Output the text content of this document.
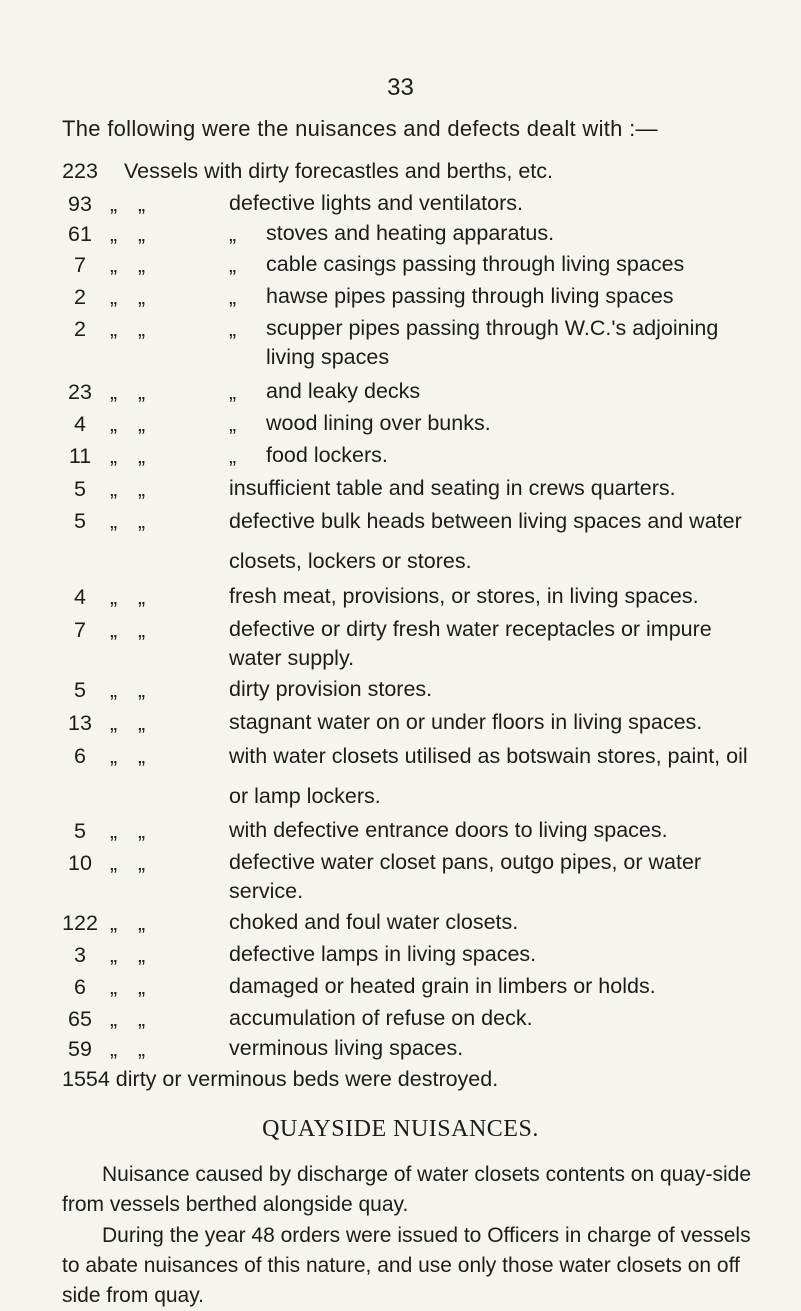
33
The following were the nuisances and defects dealt with :—
223 Vessels with dirty forecastles and berths, etc.
93 „ „	defective lights and ventilators.
61 „ „	„ stoves and heating apparatus.
7	„ „	„ cable casings passing through living spaces
2	„ „	„ hawse pipes passing through living spaces
2	„ „	„ scupper pipes passing through W.C.'s adjoining living spaces
23 „ „	„ and leaky decks
4	„ „	„ wood lining over bunks.
11 „ „	„ food lockers.
5	„ „	insufficient table and seating in crews quarters.
5	„ „	defective bulk heads between living spaces and water closets, lockers or stores.
4	„ „	fresh meat, provisions, or stores, in living spaces.
7	„ „	defective or dirty fresh water receptacles or impure water supply.
5	„ „	dirty provision stores.
13 „ „	stagnant water on or under floors in living spaces.
6	„ „	with water closets utilised as botswain stores, paint, oil or lamp lockers.
5	„ „	with defective entrance doors to living spaces.
10 „ „	defective water closet pans, outgo pipes, or water service.
122 „ „	choked and foul water closets.
3	„ „	defective lamps in living spaces.
6	„ „	damaged or heated grain in limbers or holds.
65 „ „	accumulation of refuse on deck.
59 „ „	verminous living spaces.
1554 dirty or verminous beds were destroyed.
QUAYSIDE NUISANCES.
Nuisance caused by discharge of water closets contents on quay-side from vessels berthed alongside quay.
During the year 48 orders were issued to Officers in charge of vessels to abate nuisances of this nature, and use only those water closets on off side from quay.
